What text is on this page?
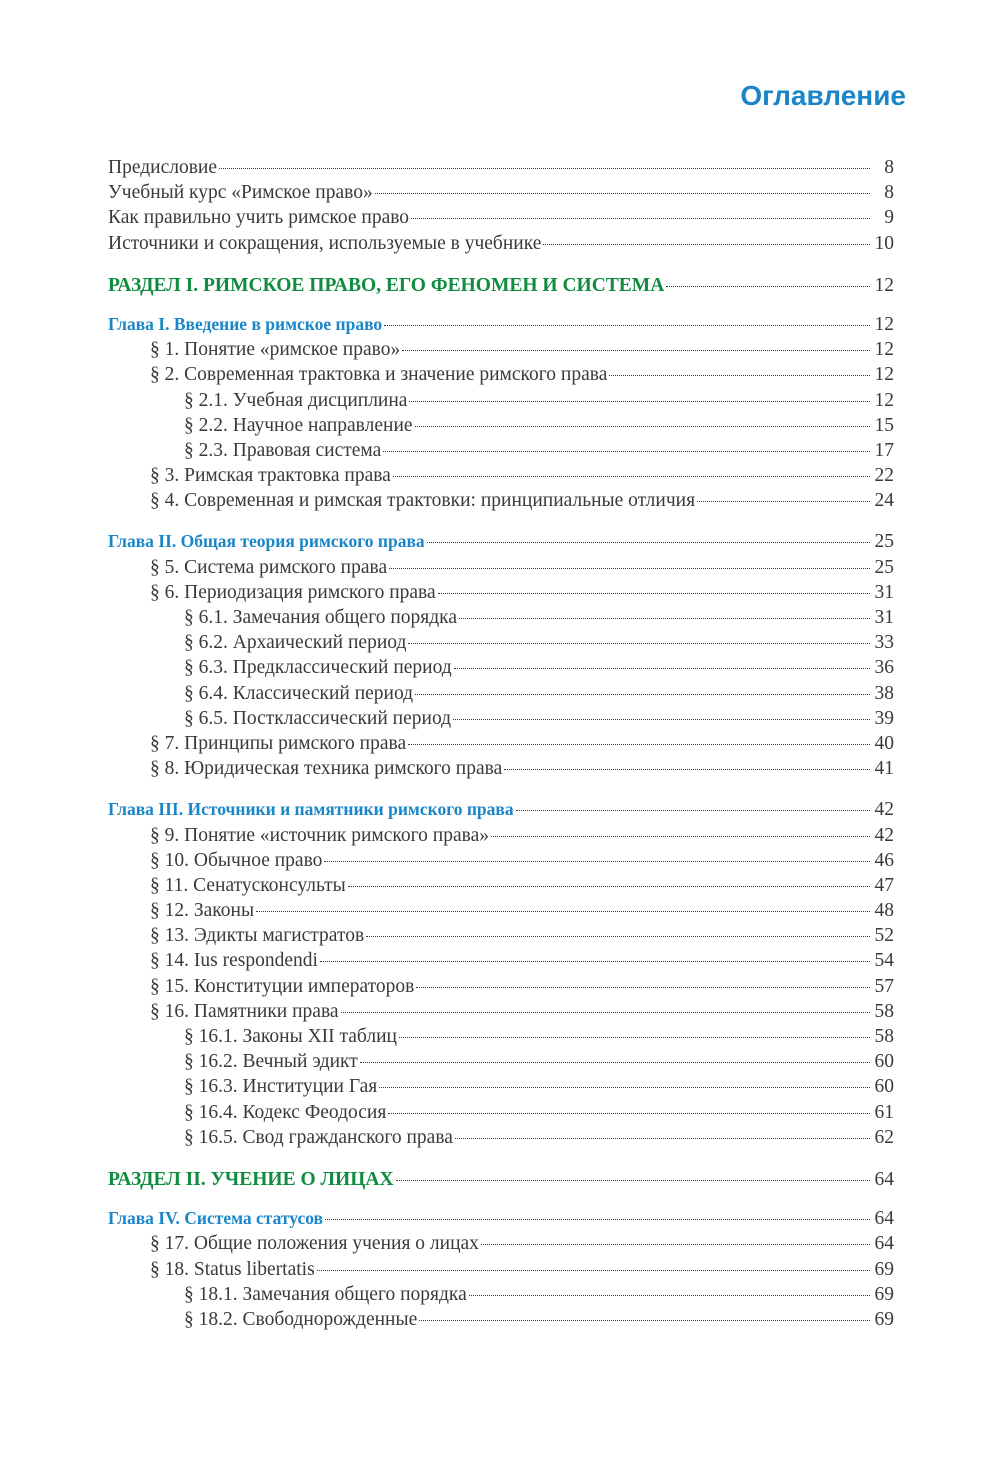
Оглавление
Предисловие	8
Учебный курс «Римское право»	8
Как правильно учить римское право	9
Источники и сокращения, используемые в учебнике	10
РАЗДЕЛ I. РИМСКОЕ ПРАВО, ЕГО ФЕНОМЕН И СИСТЕМА	12
Глава I. Введение в римское право	12
§ 1. Понятие «римское право»	12
§ 2. Современная трактовка и значение римского права	12
§ 2.1. Учебная дисциплина	12
§ 2.2. Научное направление	15
§ 2.3. Правовая система	17
§ 3. Римская трактовка права	22
§ 4. Современная и римская трактовки: принципиальные отличия	24
Глава II. Общая теория римского права	25
§ 5. Система римского права	25
§ 6. Периодизация римского права	31
§ 6.1. Замечания общего порядка	31
§ 6.2. Архаический период	33
§ 6.3. Предклассический период	36
§ 6.4. Классический период	38
§ 6.5. Постклассический период	39
§ 7. Принципы римского права	40
§ 8. Юридическая техника римского права	41
Глава III. Источники и памятники римского права	42
§ 9. Понятие «источник римского права»	42
§ 10. Обычное право	46
§ 11. Сенатусконсульты	47
§ 12. Законы	48
§ 13. Эдикты магистратов	52
§ 14. Ius respondendi	54
§ 15. Конституции императоров	57
§ 16. Памятники права	58
§ 16.1. Законы XII таблиц	58
§ 16.2. Вечный эдикт	60
§ 16.3. Институции Гая	60
§ 16.4. Кодекс Феодосия	61
§ 16.5. Свод гражданского права	62
РАЗДЕЛ II. УЧЕНИЕ О ЛИЦАХ	64
Глава IV. Система статусов	64
§ 17. Общие положения учения о лицах	64
§ 18. Status libertatis	69
§ 18.1. Замечания общего порядка	69
§ 18.2. Свободнорожденные	69
